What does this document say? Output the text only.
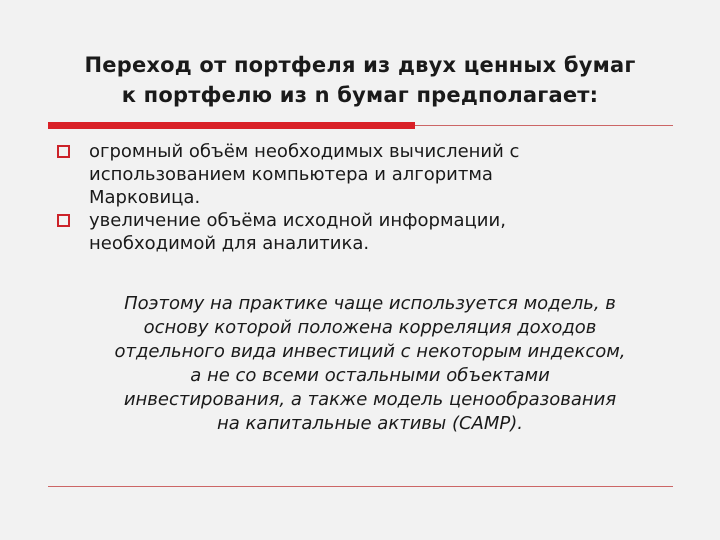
Переход от портфеля из двух ценных бумаг
к портфелю из n бумаг предполагает:
огромный объём необходимых вычислений с
использованием компьютера и алгоритма
Марковица.
увеличение объёма исходной информации,
необходимой для аналитика.
Поэтому на практике чаще используется модель, в
основу которой положена корреляция доходов
отдельного вида инвестиций с некоторым индексом,
а не со всеми остальными объектами
инвестирования, а также модель ценообразования
на капитальные активы (CAMP).
